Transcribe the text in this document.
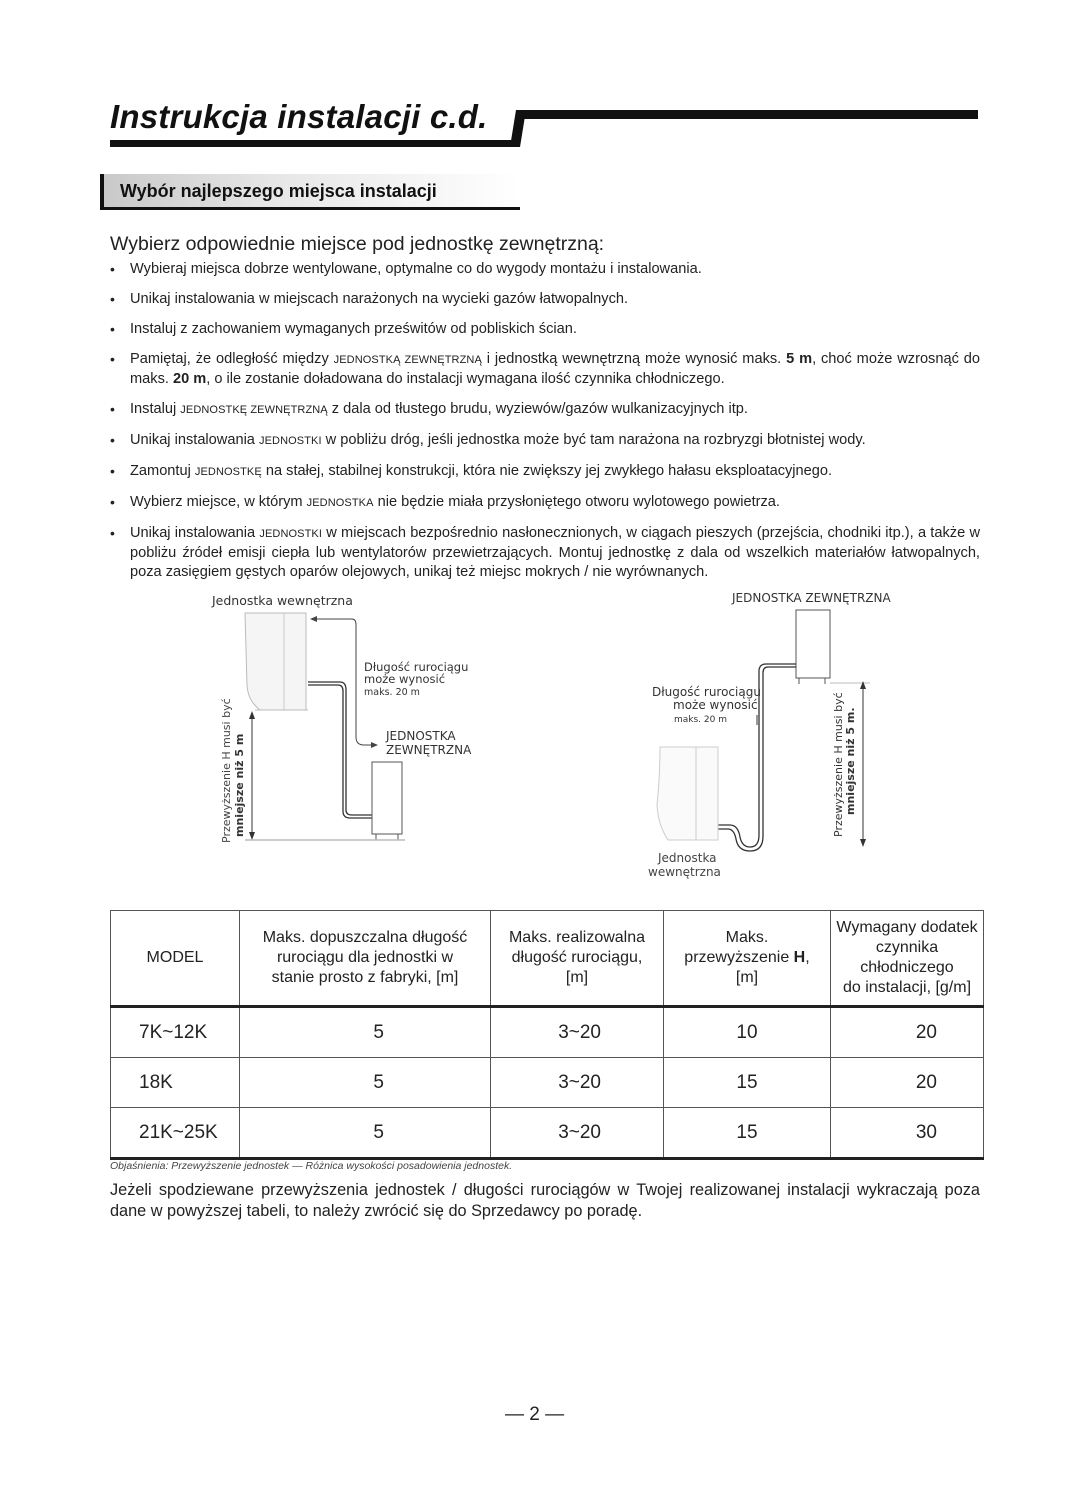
Instrukcja instalacji c.d.
Wybór najlepszego miejsca instalacji
Wybierz odpowiednie miejsce pod jednostkę zewnętrzną:
• Wybieraj miejsca dobrze wentylowane, optymalne co do wygody montażu i instalowania.
• Unikaj instalowania w miejscach narażonych na wycieki gazów łatwopalnych.
• Instaluj z zachowaniem wymaganych prześwitów od pobliskich ścian.
• Pamiętaj, że odległość między JEDNOSTKĄ ZEWNĘTRZNĄ i jednostką wewnętrzną może wynosić maks. 5 m, choć może wzrosnąć do maks. 20 m, o ile zostanie doładowana do instalacji wymagana ilość czynnika chłodniczego.
• Instaluj JEDNOSTKĘ ZEWNĘTRZNĄ z dala od tłustego brudu, wyziewów/gazów wulkanizacyjnych itp.
• Unikaj instalowania JEDNOSTKI w pobliżu dróg, jeśli jednostka może być tam narażona na rozbryzgi błotnistej wody.
• Zamontuj JEDNOSTKĘ na stałej, stabilnej konstrukcji, która nie zwiększy jej zwykłego hałasu eksploatacyjnego.
• Wybierz miejsce, w którym JEDNOSTKA nie będzie miała przysłoniętego otworu wylotowego powietrza.
• Unikaj instalowania JEDNOSTKI w miejscach bezpośrednio nasłonecznionych, w ciągach pieszych (przejścia, chodniki itp.), a także w pobliżu źródeł emisji ciepła lub wentylatorów przewietrzających. Montuj jednostkę z dala od wszelkich materiałów łatwopalnych, poza zasięgiem gęstych oparów olejowych, unikaj też miejsc mokrych / nie wyrównanych.
Jednostka wewnętrzna
Długość rurociągu
może wynosić
maks. 20 m
JEDNOSTKA
ZEWNĘTRZNA
Przewyższenie H musi być mniejsze niż 5 m
JEDNOSTKA ZEWNĘTRZNA
Długość rurociągu
może wynosić
maks. 20 m
Jednostka
wewnętrzna
Przewyższenie H musi być mniejsze niż 5 m.
MODEL

Maks. dopuszczalna długość
rurociągu dla jednostki w
stanie prosto z fabryki, [m]

Maks. realizowalna
długość rurociągu,
[m]

Maks.
przewyższenie H,
[m]

Wymagany dodatek
czynnika chłodniczego
do instalacji, [g/m]

7K~12K	5	3~20	10	20
18K	5	3~20	15	20
21K~25K	5	3~20	15	30
Objaśnienia: Przewyższenie jednostek — Różnica wysokości posadowienia jednostek.
Jeżeli spodziewane przewyższenia jednostek / długości rurociągów w Twojej realizowanej instalacji wykraczają poza dane w powyższej tabeli, to należy zwrócić się do Sprzedawcy po poradę.
— 2 —
